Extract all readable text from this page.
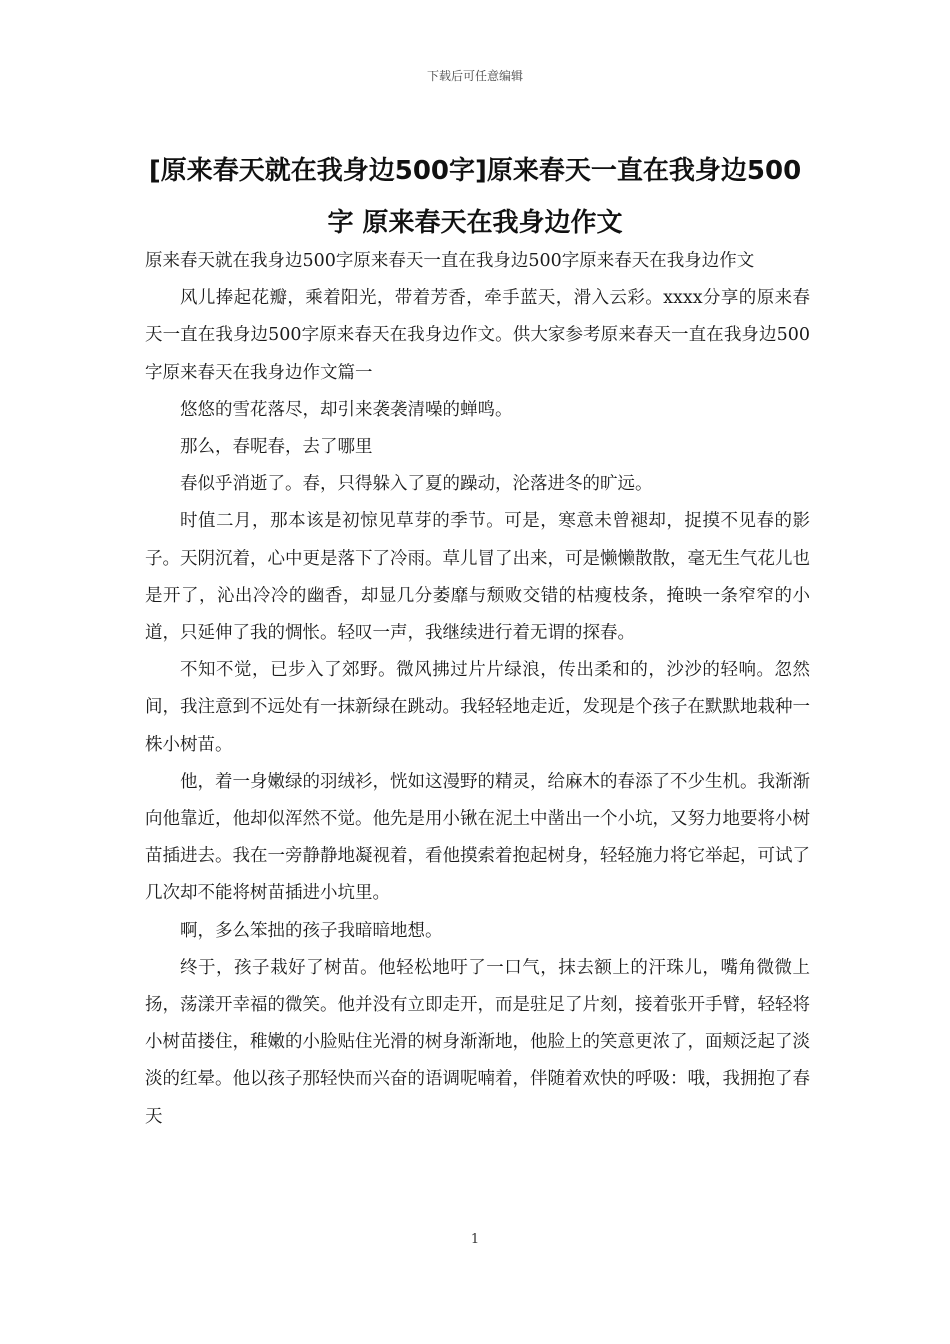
下载后可任意编辑
[原来春天就在我身边500字]原来春天一直在我身边500字 原来春天在我身边作文

原来春天就在我身边500字原来春天一直在我身边500字原来春天在我身边作文

风儿捧起花瓣，乘着阳光，带着芳香，牵手蓝天，滑入云彩。xxxx分享的原来春天一直在我身边500字原来春天在我身边作文。供大家参考原来春天一直在我身边500字原来春天在我身边作文篇一

悠悠的雪花落尽，却引来袭袭清噪的蝉鸣。

那么，春呢春，去了哪里

春似乎消逝了。春，只得躲入了夏的躁动，沦落进冬的旷远。

时值二月，那本该是初惊见草芽的季节。可是，寒意未曾褪却，捉摸不见春的影子。天阴沉着，心中更是落下了冷雨。草儿冒了出来，可是懒懒散散，毫无生气花儿也是开了，沁出冷冷的幽香，却显几分萎靡与颓败交错的枯瘦枝条，掩映一条窄窄的小道，只延伸了我的惆怅。轻叹一声，我继续进行着无谓的探春。

不知不觉，已步入了郊野。微风拂过片片绿浪，传出柔和的，沙沙的轻响。忽然间，我注意到不远处有一抹新绿在跳动。我轻轻地走近，发现是个孩子在默默地栽种一株小树苗。

他，着一身嫩绿的羽绒衫，恍如这漫野的精灵，给麻木的春添了不少生机。我渐渐向他靠近，他却似浑然不觉。他先是用小锹在泥土中凿出一个小坑，又努力地要将小树苗插进去。我在一旁静静地凝视着，看他摸索着抱起树身，轻轻施力将它举起，可试了几次却不能将树苗插进小坑里。

啊，多么笨拙的孩子我暗暗地想。

终于，孩子栽好了树苗。他轻松地吁了一口气，抹去额上的汗珠儿，嘴角微微上扬，荡漾开幸福的微笑。他并没有立即走开，而是驻足了片刻，接着张开手臂，轻轻将小树苗搂住，稚嫩的小脸贴住光滑的树身渐渐地，他脸上的笑意更浓了，面颊泛起了淡淡的红晕。他以孩子那轻快而兴奋的语调呢喃着，伴随着欢快的呼吸：哦，我拥抱了春天

1
